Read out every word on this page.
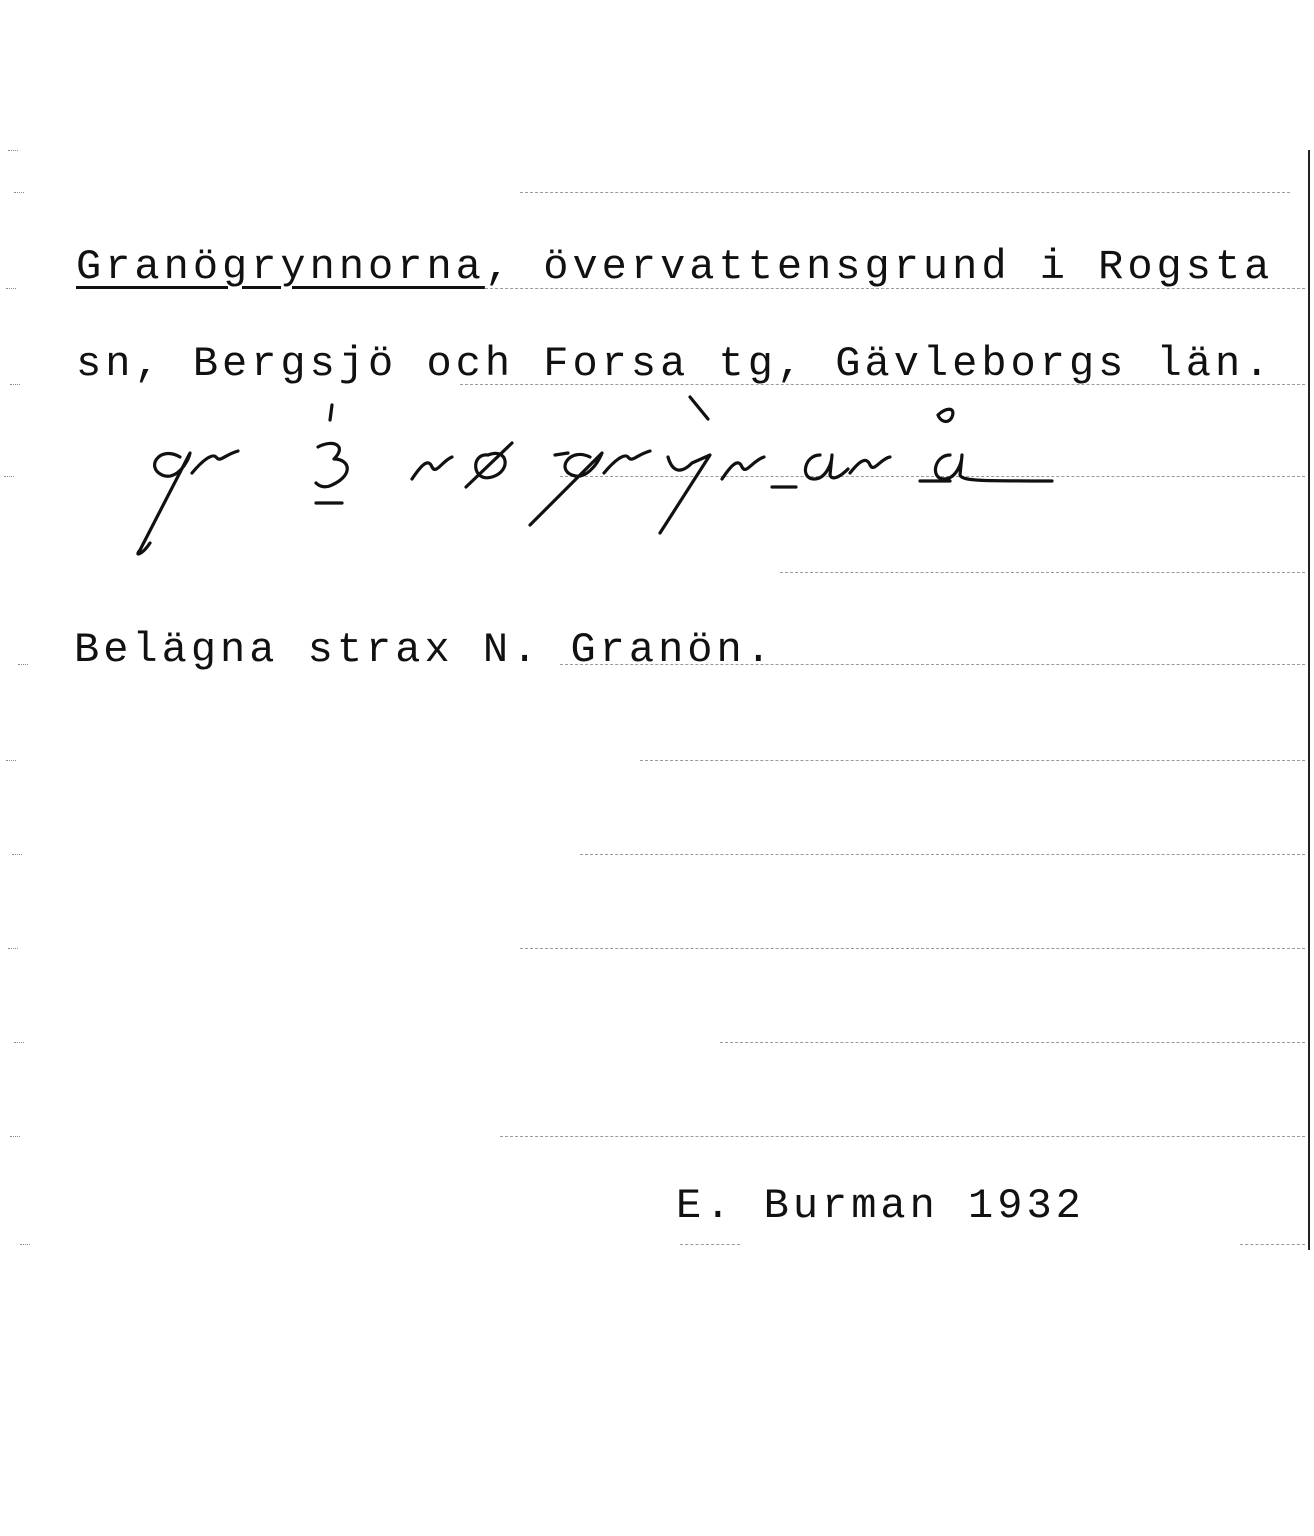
Granögrynnorna, övervattensgrund i Rogsta
sn, Bergsjö och Forsa tg, Gävleborgs län.
Belägna strax N. Granön.
E. Burman 1932
